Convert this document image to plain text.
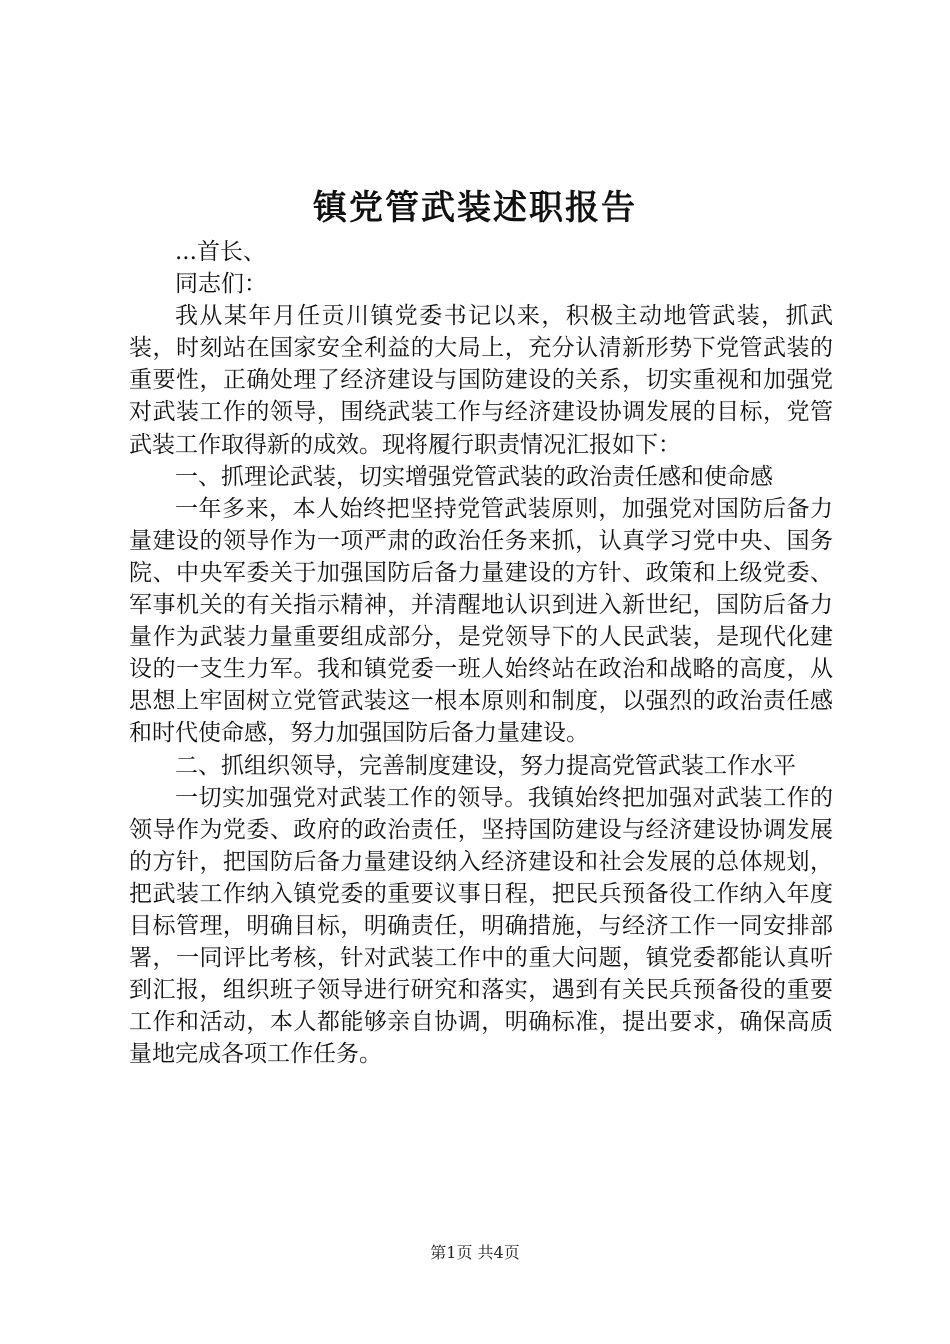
镇党管武装述职报告

...首长、

同志们：

我从某年月任贡川镇党委书记以来，积极主动地管武装，抓武装，时刻站在国家安全利益的大局上，充分认清新形势下党管武装的重要性，正确处理了经济建设与国防建设的关系，切实重视和加强党对武装工作的领导，围绕武装工作与经济建设协调发展的目标，党管武装工作取得新的成效。现将履行职责情况汇报如下：

一、抓理论武装，切实增强党管武装的政治责任感和使命感

一年多来，本人始终把坚持党管武装原则，加强党对国防后备力量建设的领导作为一项严肃的政治任务来抓，认真学习党中央、国务院、中央军委关于加强国防后备力量建设的方针、政策和上级党委、军事机关的有关指示精神，并清醒地认识到进入新世纪，国防后备力量作为武装力量重要组成部分，是党领导下的人民武装，是现代化建设的一支生力军。我和镇党委一班人始终站在政治和战略的高度，从思想上牢固树立党管武装这一根本原则和制度，以强烈的政治责任感和时代使命感，努力加强国防后备力量建设。

二、抓组织领导，完善制度建设，努力提高党管武装工作水平

一切实加强党对武装工作的领导。我镇始终把加强对武装工作的领导作为党委、政府的政治责任，坚持国防建设与经济建设协调发展的方针，把国防后备力量建设纳入经济建设和社会发展的总体规划，把武装工作纳入镇党委的重要议事日程，把民兵预备役工作纳入年度目标管理，明确目标，明确责任，明确措施，与经济工作一同安排部署，一同评比考核，针对武装工作中的重大问题，镇党委都能认真听到汇报，组织班子领导进行研究和落实，遇到有关民兵预备役的重要工作和活动，本人都能够亲自协调，明确标准，提出要求，确保高质量地完成各项工作任务。

第1页 共4页
